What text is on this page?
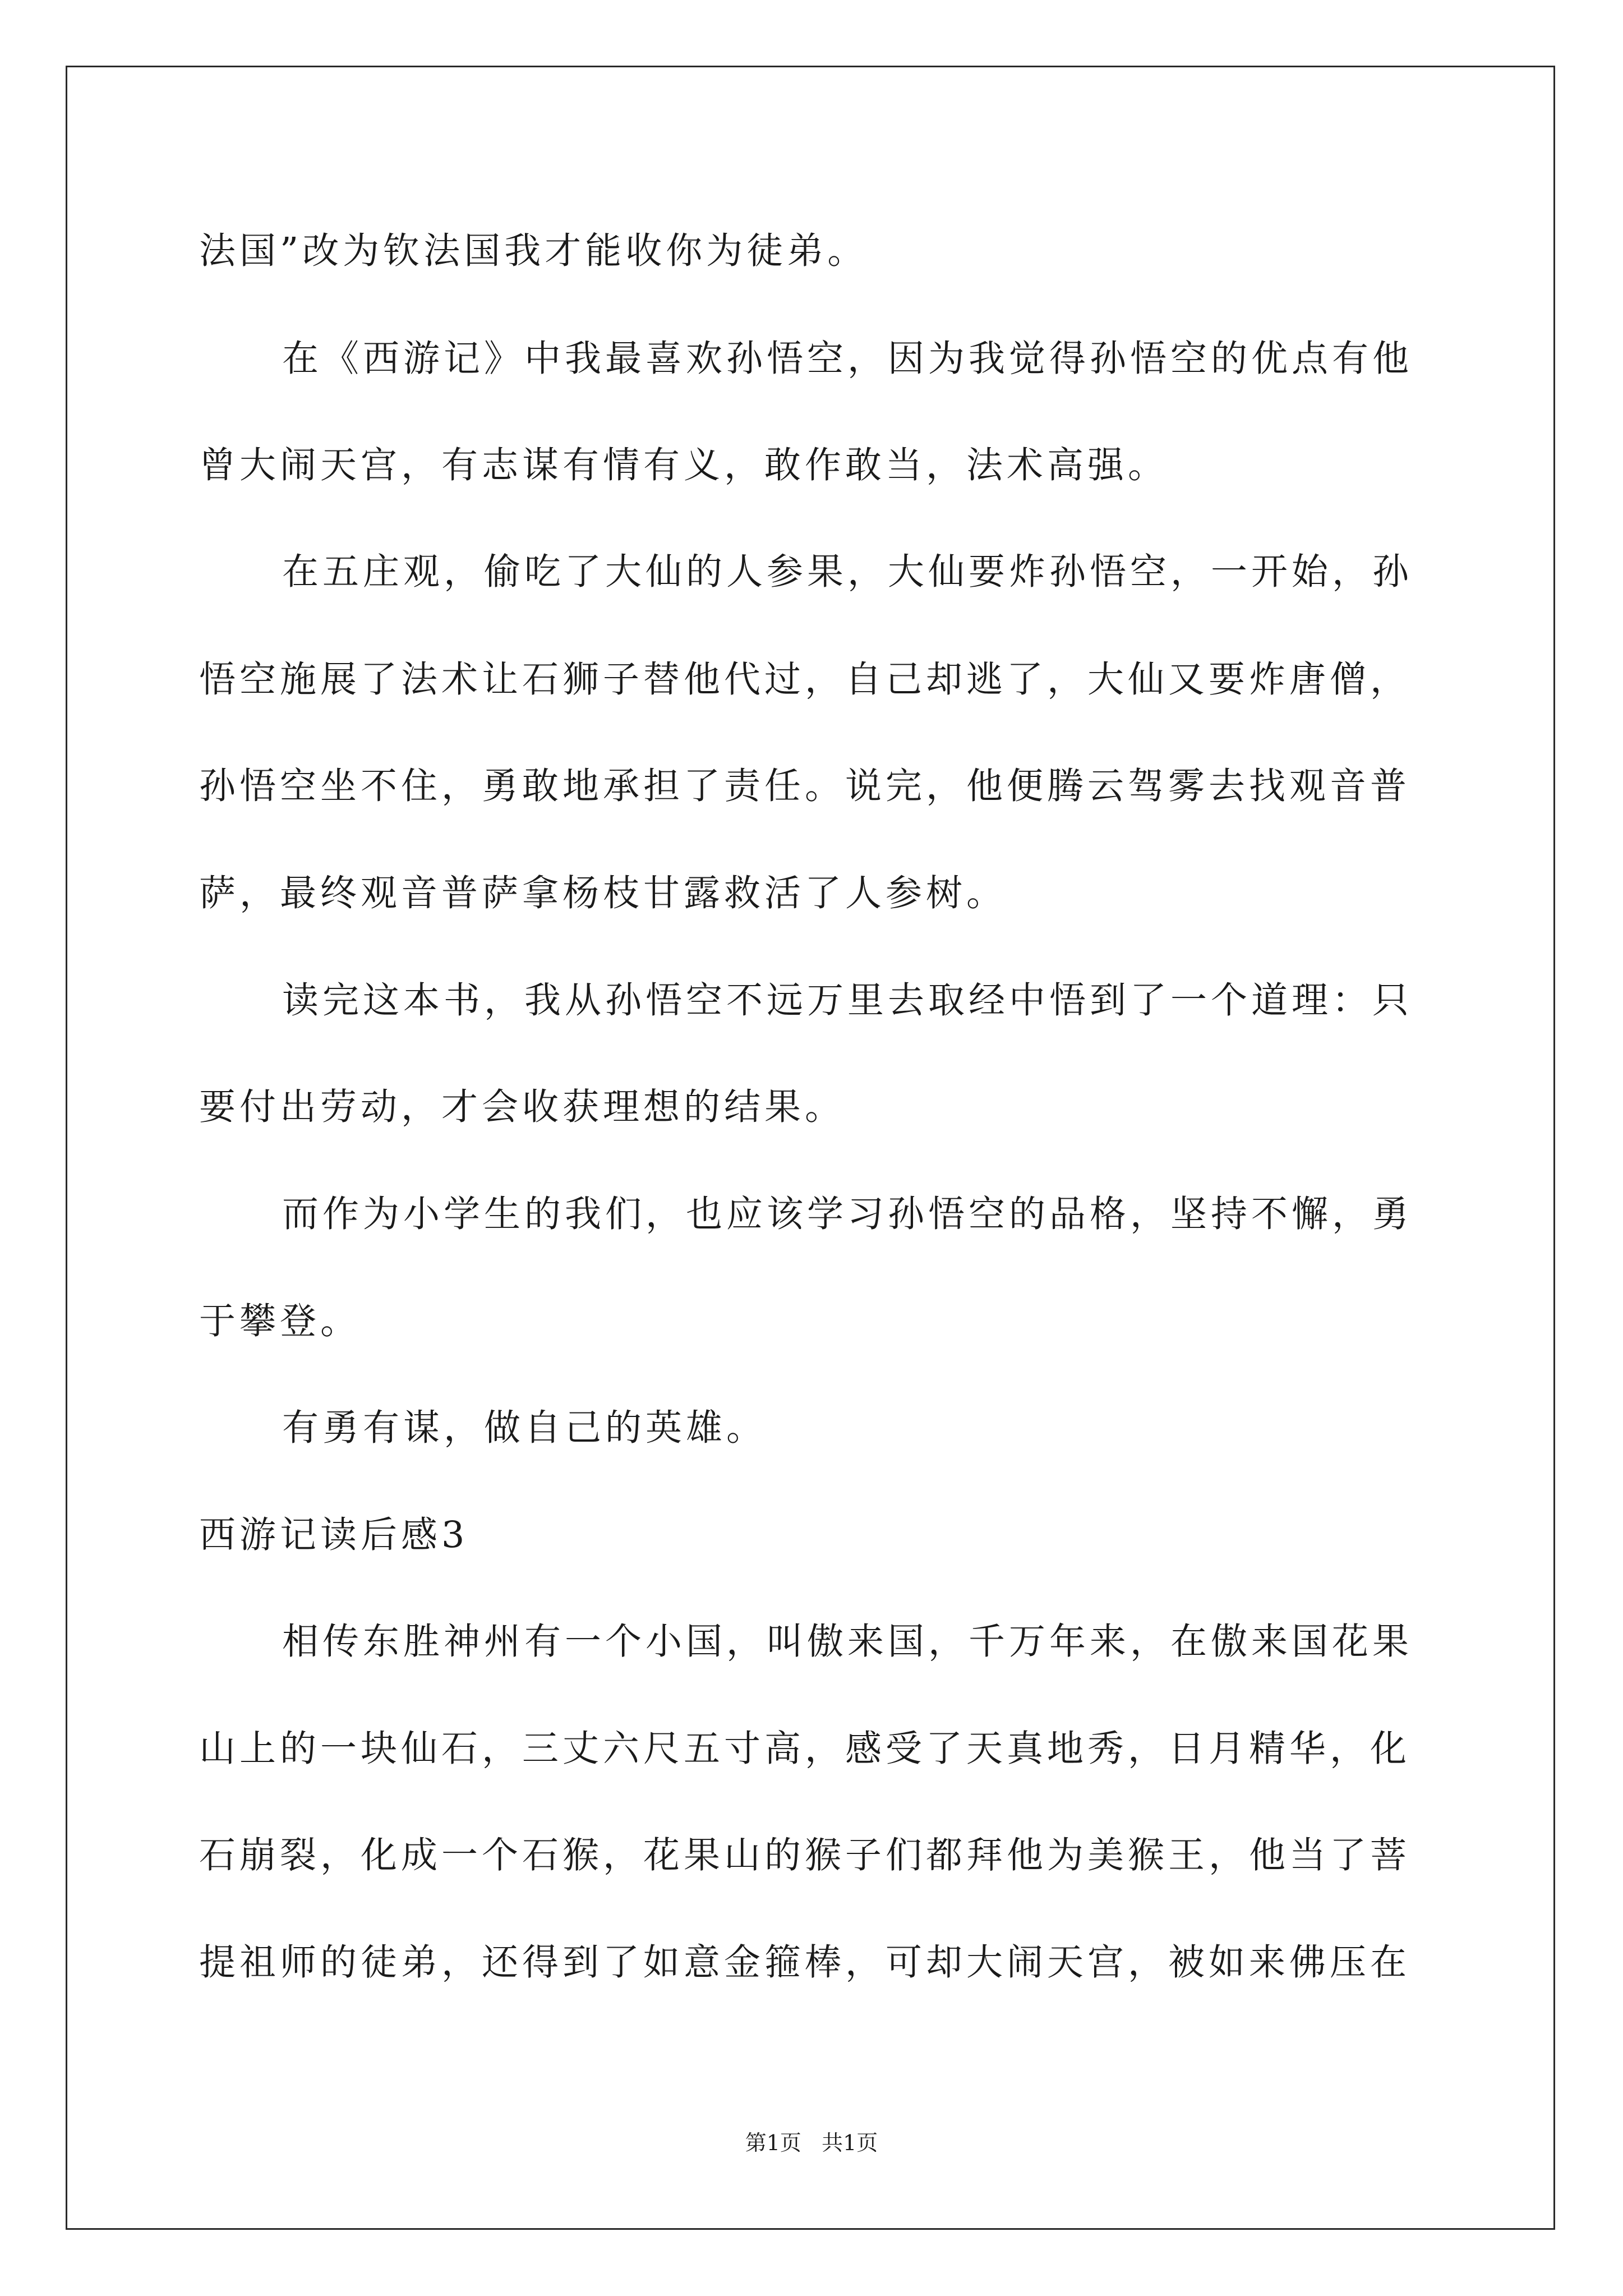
法国”改为钦法国我才能收你为徒弟。
在《西游记》中我最喜欢孙悟空，因为我觉得孙悟空的优点有他
曾大闹天宫，有志谋有情有义，敢作敢当，法术高强。
在五庄观，偷吃了大仙的人参果，大仙要炸孙悟空，一开始，孙
悟空施展了法术让石狮子替他代过，自己却逃了，大仙又要炸唐僧，
孙悟空坐不住，勇敢地承担了责任。说完，他便腾云驾雾去找观音普
萨，最终观音普萨拿杨枝甘露救活了人参树。
读完这本书，我从孙悟空不远万里去取经中悟到了一个道理：只
要付出劳动，才会收获理想的结果。
而作为小学生的我们，也应该学习孙悟空的品格，坚持不懈，勇
于攀登。
有勇有谋，做自己的英雄。
西游记读后感3
相传东胜神州有一个小国，叫傲来国，千万年来，在傲来国花果
山上的一块仙石，三丈六尺五寸高，感受了天真地秀，日月精华，化
石崩裂，化成一个石猴，花果山的猴子们都拜他为美猴王，他当了菩
提祖师的徒弟，还得到了如意金箍棒，可却大闹天宫，被如来佛压在
第1页   共1页
